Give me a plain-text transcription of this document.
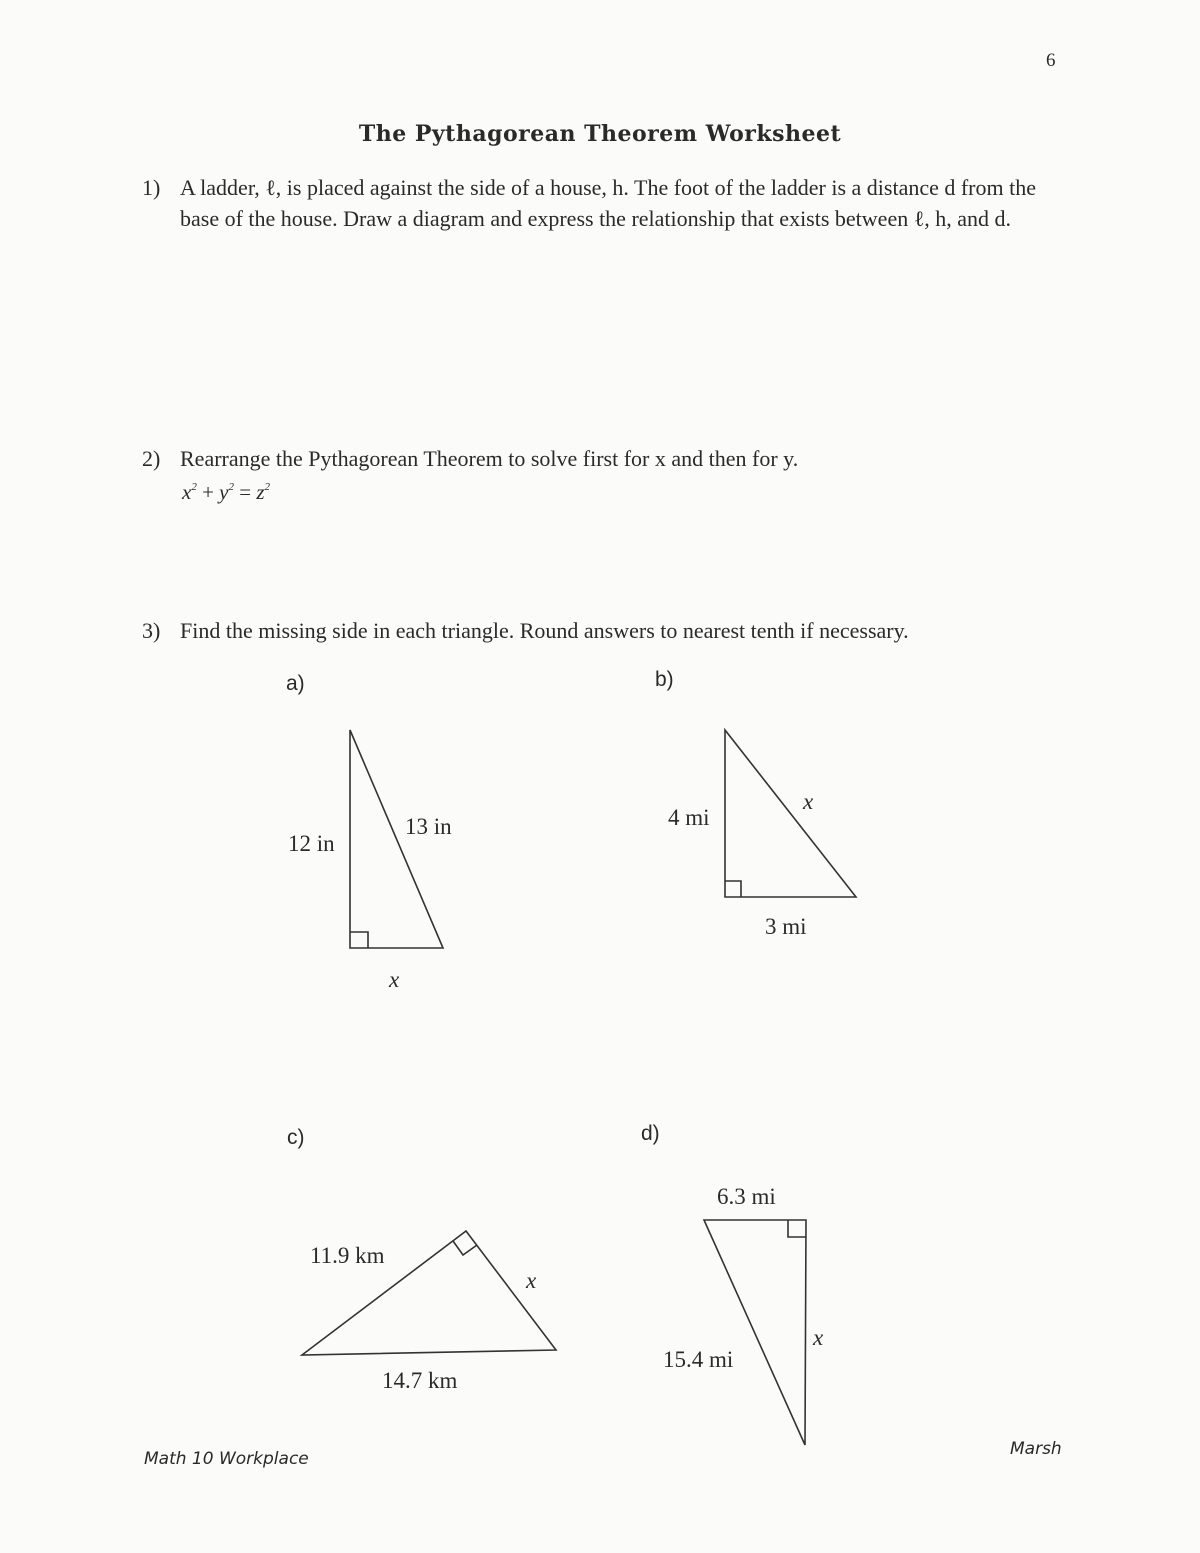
6
The Pythagorean Theorem Worksheet
1) A ladder, ℓ, is placed against the side of a house, h. The foot of the ladder is a distance d from the base of the house. Draw a diagram and express the relationship that exists between ℓ, h, and d.
2) Rearrange the Pythagorean Theorem to solve first for x and then for y.
$x^2 + y^2 = z^2$
3) Find the missing side in each triangle. Round answers to nearest tenth if necessary.
a)	b)
c)	d)
12 in
13 in
x
4 mi
x
3 mi
11.9 km
x
14.7 km
6.3 mi
15.4 mi
x
Math 10 Workplace	Marsh
